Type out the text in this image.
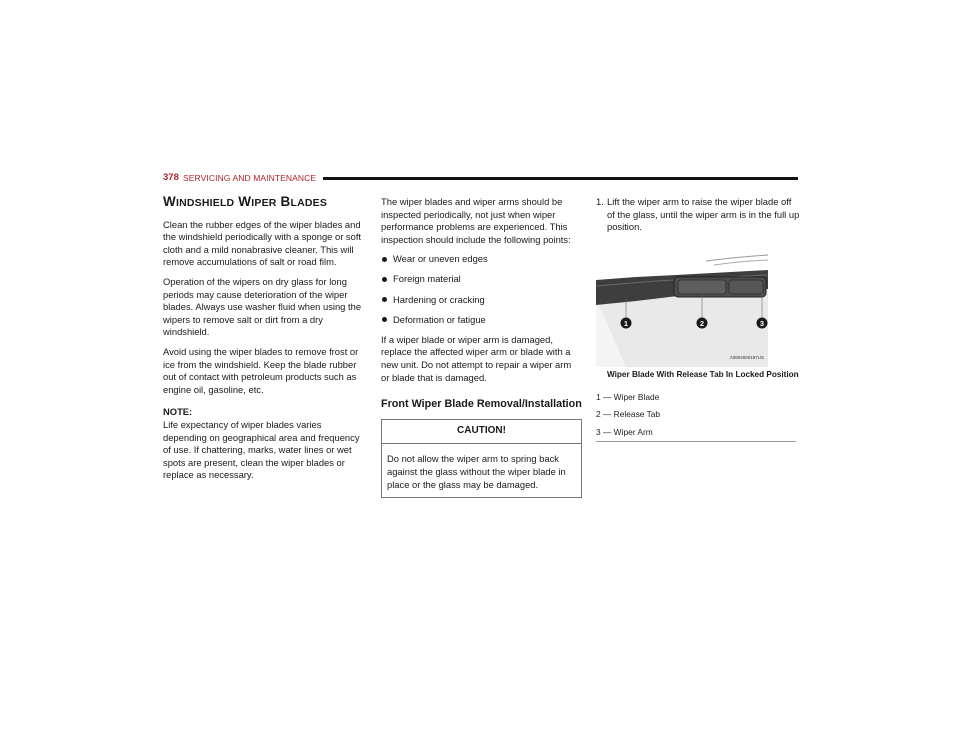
378 SERVICING AND MAINTENANCE
WINDSHIELD WIPER BLADES

Clean the rubber edges of the wiper blades and the windshield periodically with a sponge or soft cloth and a mild nonabrasive cleaner. This will remove accumulations of salt or road film.

Operation of the wipers on dry glass for long periods may cause deterioration of the wiper blades. Always use washer fluid when using the wipers to remove salt or dirt from a dry windshield.

Avoid using the wiper blades to remove frost or ice from the windshield. Keep the blade rubber out of contact with petroleum products such as engine oil, gasoline, etc.

NOTE:

Life expectancy of wiper blades varies depending on geographical area and frequency of use. If chattering, marks, water lines or wet spots are present, clean the wiper blades or replace as necessary.

The wiper blades and wiper arms should be inspected periodically, not just when wiper performance problems are experienced. This inspection should include the following points:

Wear or uneven edges
Foreign material
Hardening or cracking
Deformation or fatigue

If a wiper blade or wiper arm is damaged, replace the affected wiper arm or blade with a new unit. Do not attempt to repair a wiper arm or blade that is damaged.

Front Wiper Blade Removal/Installation
CAUTION!
Do not allow the wiper arm to spring back against the glass without the wiper blade in place or the glass may be damaged.
1. Lift the wiper arm to raise the wiper blade off of the glass, until the wiper arm is in the full up position.
1	2	3
A0804000197US
Wiper Blade With Release Tab In Locked Position
1 — Wiper Blade
2 — Release Tab
3 — Wiper Arm
